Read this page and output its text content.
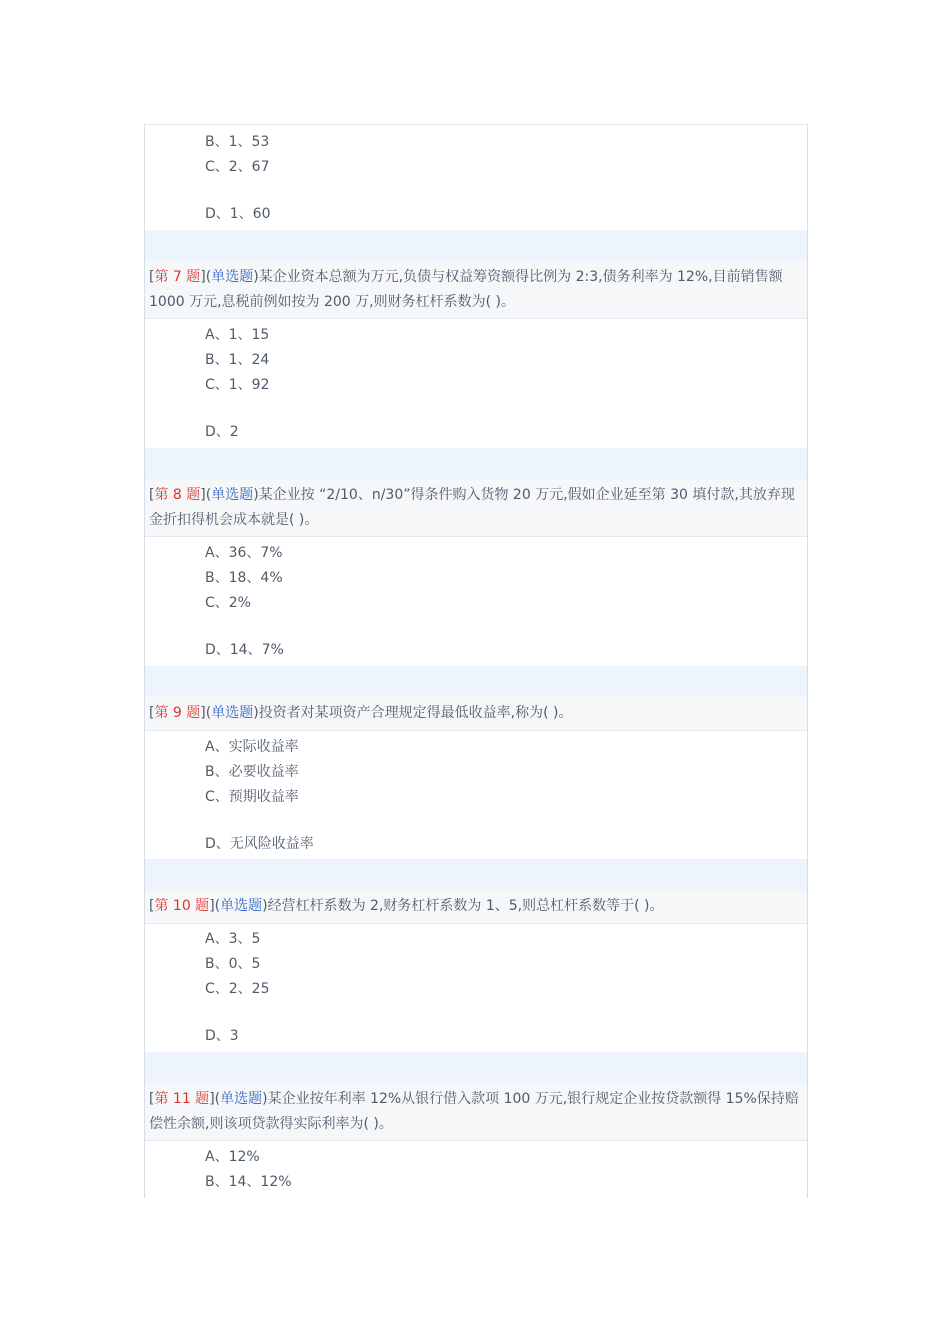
B、1、53
C、2、67
D、1、60
[第 7 题](单选题)某企业资本总额为万元,负债与权益筹资额得比例为 2:3,债务利率为 12%,目前销售额
1000 万元,息税前例如按为 200 万,则财务杠杆系数为( )。
A、1、15
B、1、24
C、1、92
D、2
[第 8 题](单选题)某企业按 “2/10、n/30”得条件购入货物 20 万元,假如企业延至第 30 填付款,其放弃现
金折扣得机会成本就是( )。
A、36、7%
B、18、4%
C、2%
D、14、7%
[第 9 题](单选题)投资者对某项资产合理规定得最低收益率,称为( )。
A、实际收益率
B、必要收益率
C、预期收益率
D、无风险收益率
[第 10 题](单选题)经营杠杆系数为 2,财务杠杆系数为 1、5,则总杠杆系数等于( )。
A、3、5
B、0、5
C、2、25
D、3
[第 11 题](单选题)某企业按年利率 12%从银行借入款项 100 万元,银行规定企业按贷款额得 15%保持赔
偿性余额,则该项贷款得实际利率为( )。
A、12%
B、14、12%
